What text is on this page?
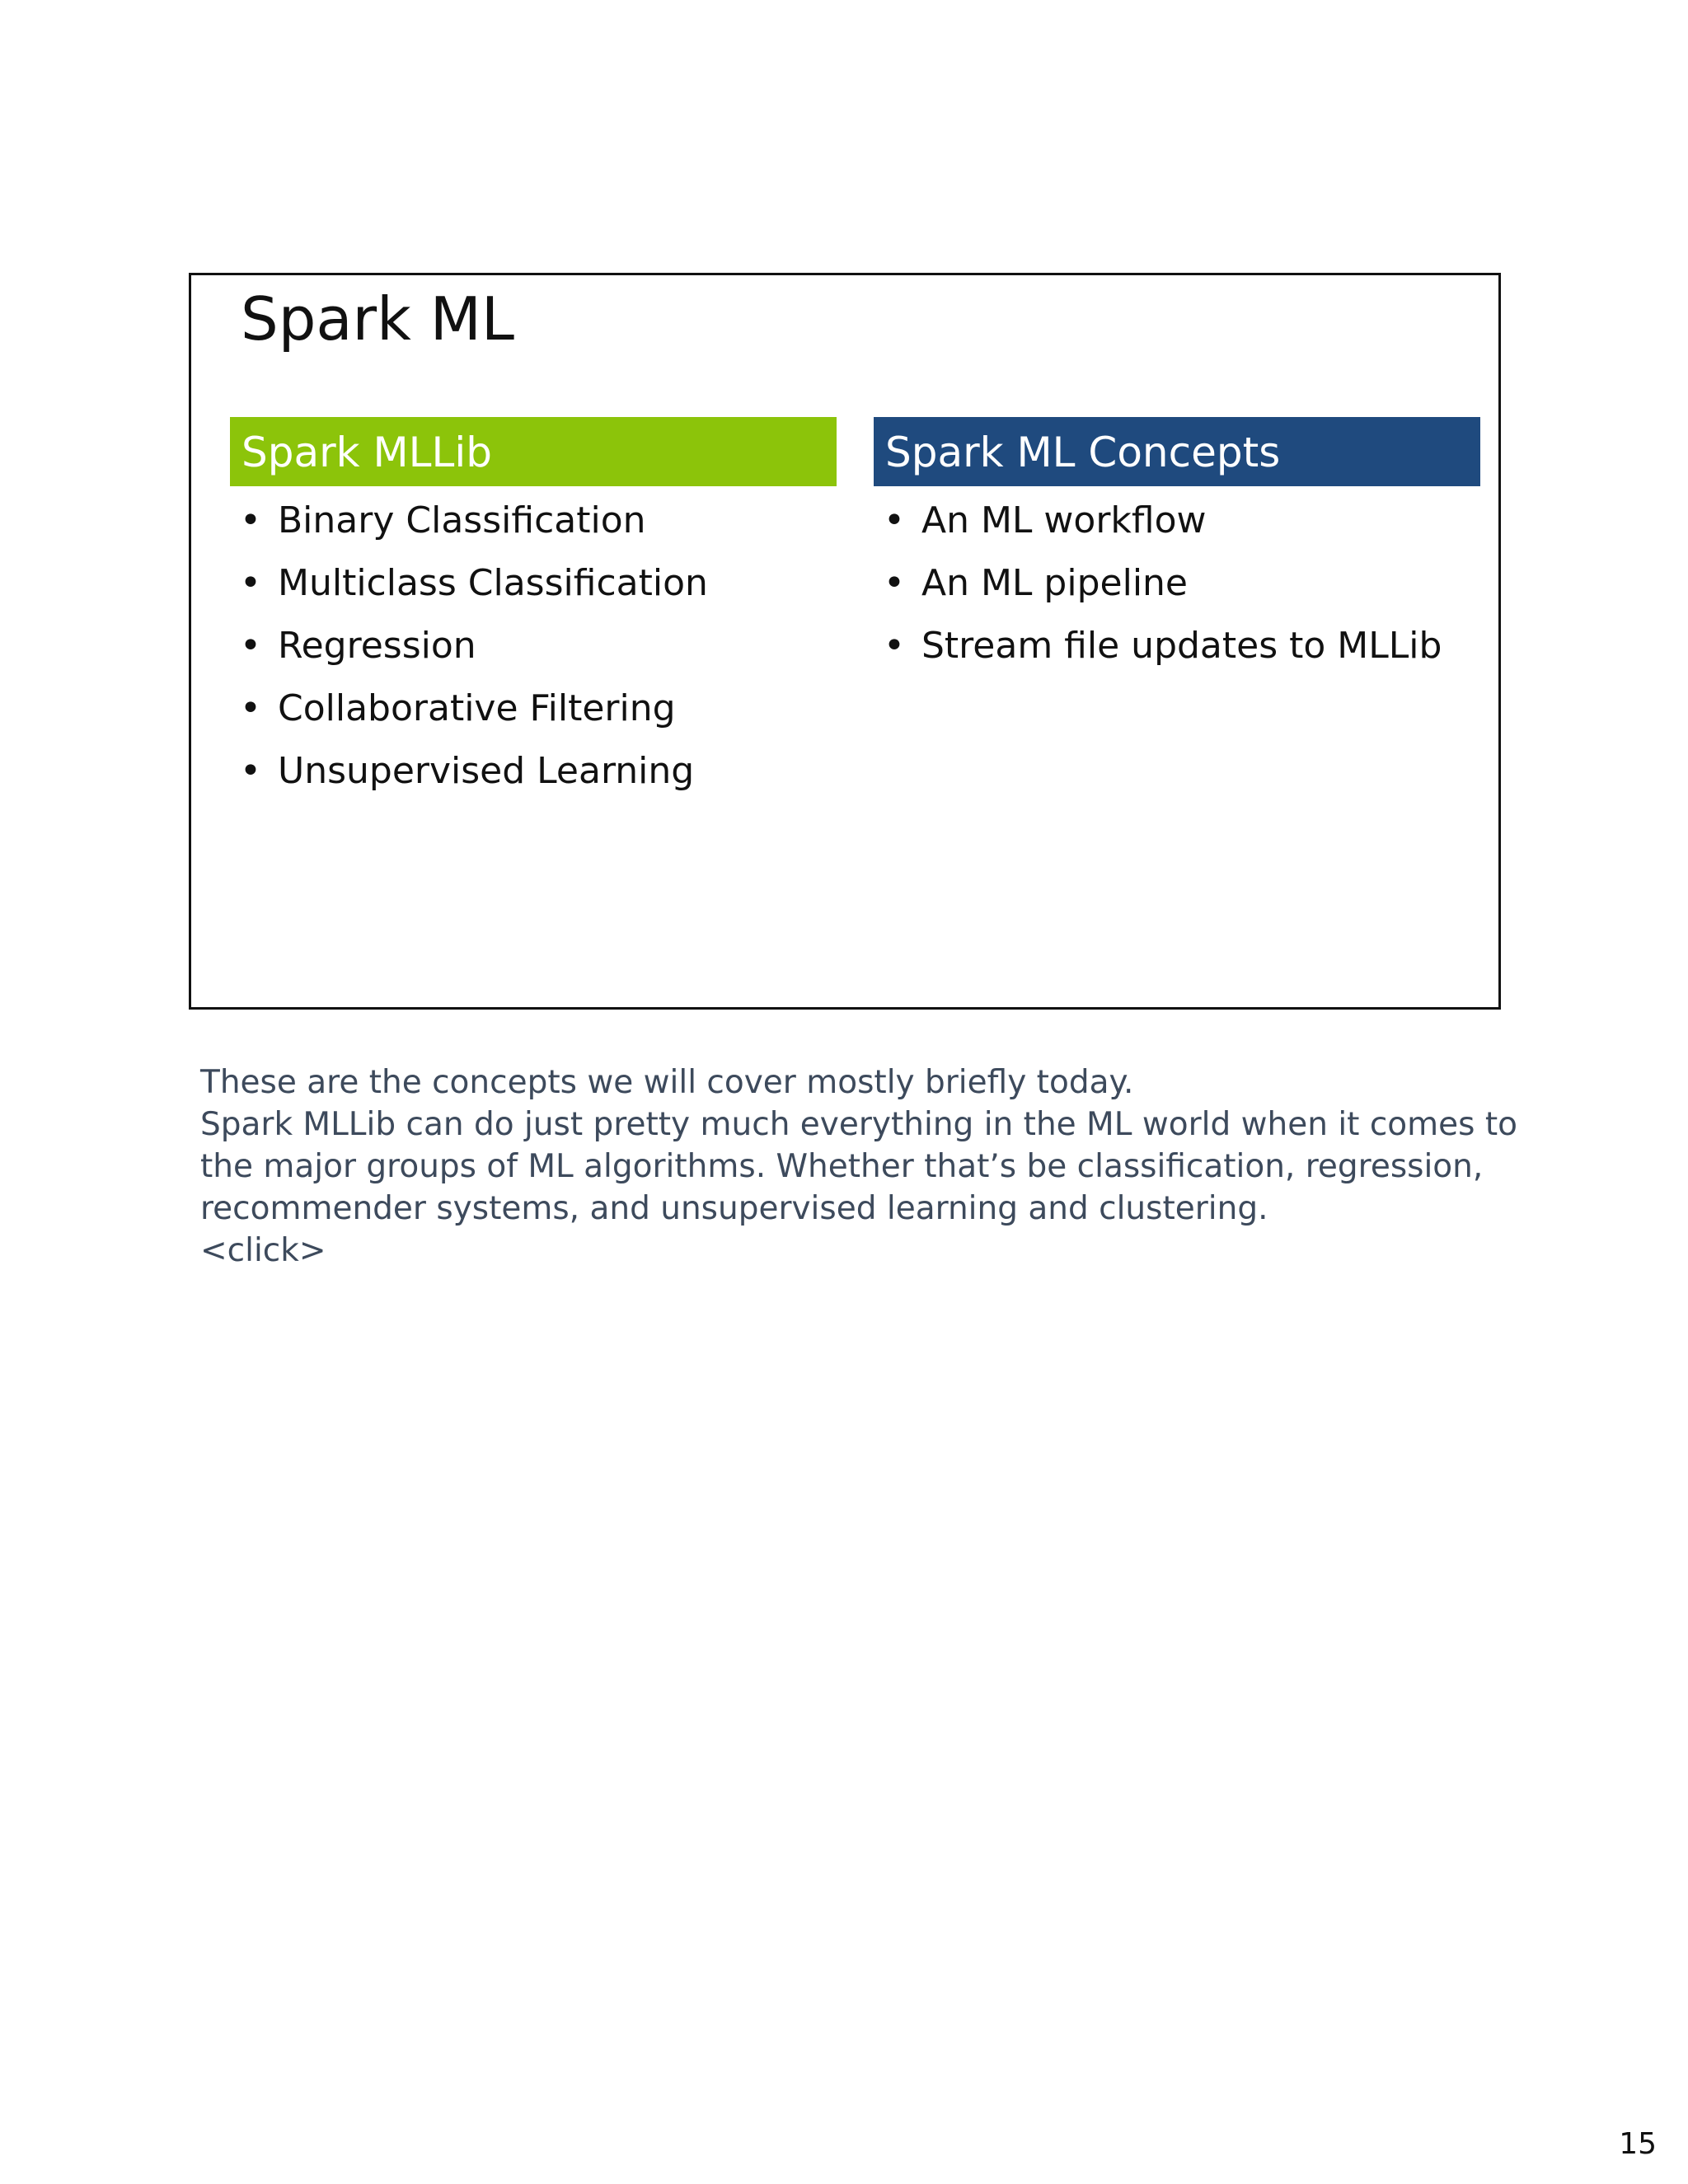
Spark ML
Spark MLLib
• Binary Classification
• Multiclass Classification
• Regression
• Collaborative Filtering
• Unsupervised Learning
Spark ML Concepts
• An ML workflow
• An ML pipeline
• Stream file updates to MLLib

These are the concepts we will cover mostly briefly today.

Spark MLLib can do just pretty much everything in the ML world when it comes to

the major groups of ML algorithms. Whether that’s be classification, regression,

recommender systems, and unsupervised learning and clustering.

<click>

15
